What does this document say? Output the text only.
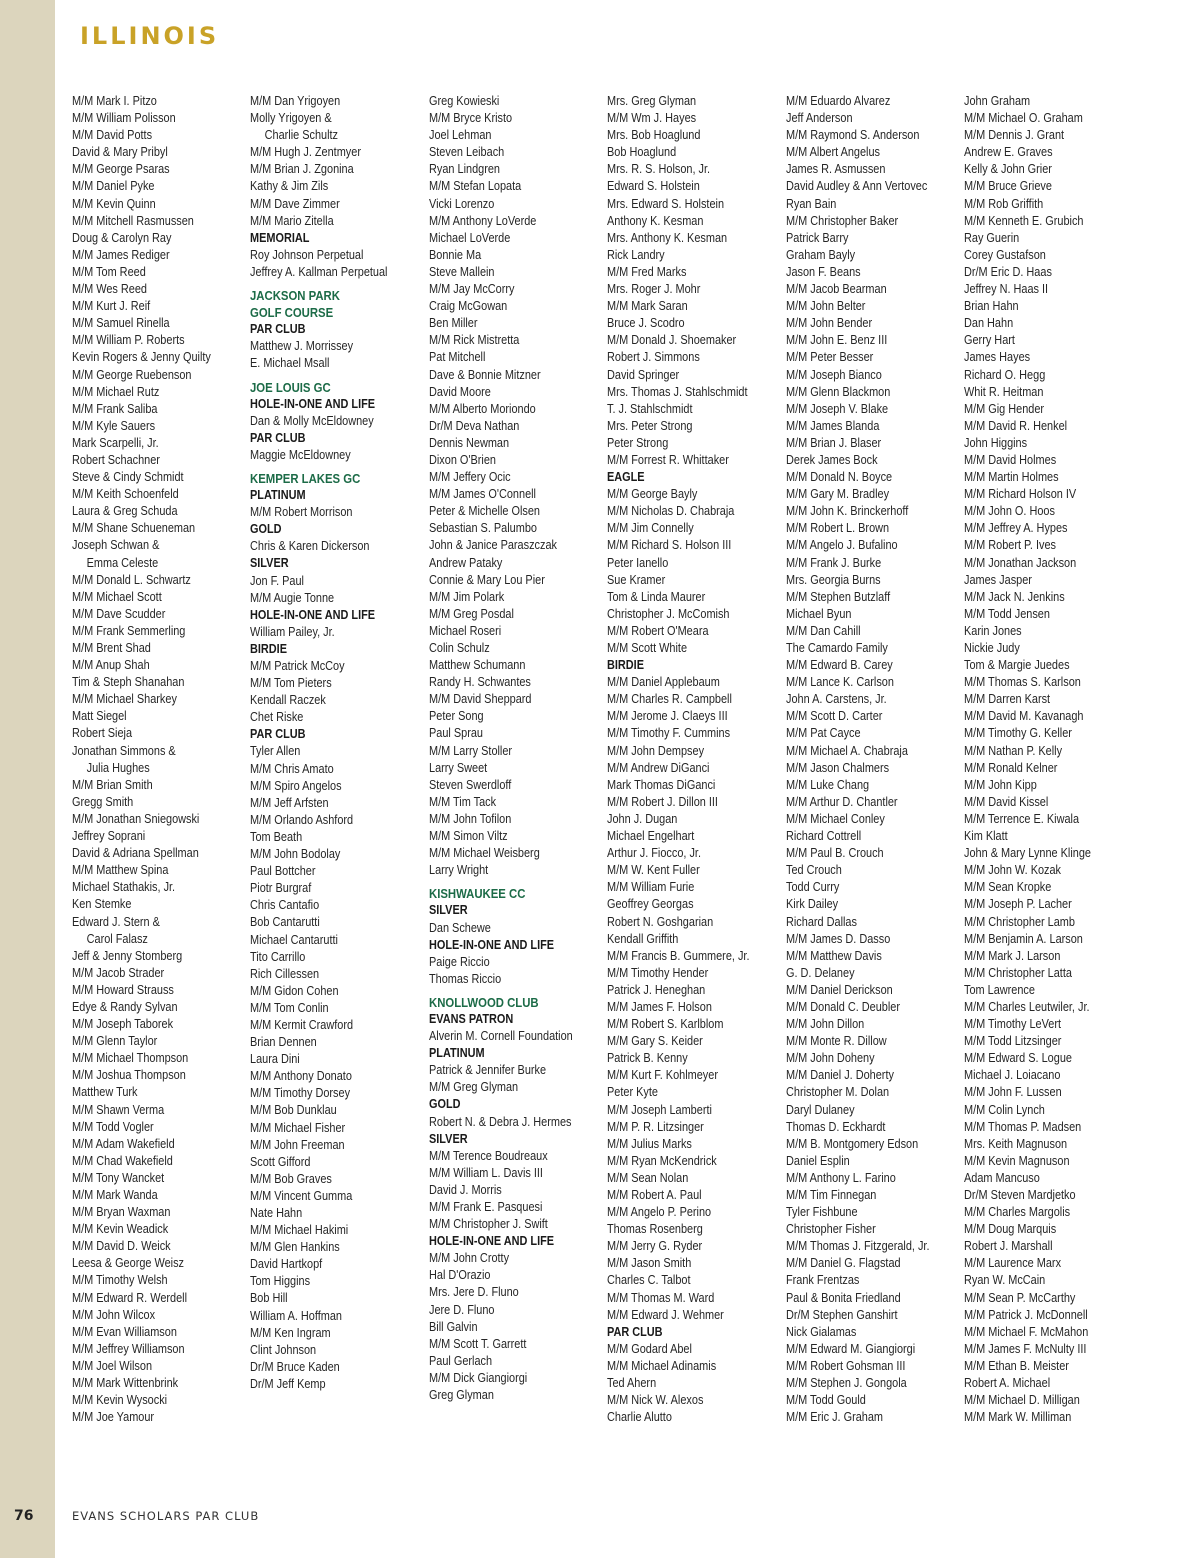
ILLINOIS
M/M Mark I. Pitzo
M/M William Polisson
M/M David Potts
David & Mary Pribyl
M/M George Psaras
M/M Daniel Pyke
M/M Kevin Quinn
M/M Mitchell Rasmussen
Doug & Carolyn Ray
M/M James Rediger
M/M Tom Reed
M/M Wes Reed
M/M Kurt J. Reif
M/M Samuel Rinella
M/M William P. Roberts
Kevin Rogers & Jenny Quilty
M/M George Ruebenson
M/M Michael Rutz
M/M Frank Saliba
M/M Kyle Sauers
Mark Scarpelli, Jr.
Robert Schachner
Steve & Cindy Schmidt
M/M Keith Schoenfeld
Laura & Greg Schuda
M/M Shane Schueneman
Joseph Schwan &
Emma Celeste
M/M Donald L. Schwartz
M/M Michael Scott
M/M Dave Scudder
M/M Frank Semmerling
M/M Brent Shad
M/M Anup Shah
Tim & Steph Shanahan
M/M Michael Sharkey
Matt Siegel
Robert Sieja
Jonathan Simmons &
Julia Hughes
M/M Brian Smith
Gregg Smith
M/M Jonathan Sniegowski
Jeffrey Soprani
David & Adriana Spellman
M/M Matthew Spina
Michael Stathakis, Jr.
Ken Stemke
Edward J. Stern &
Carol Falasz
Jeff & Jenny Stomberg
M/M Jacob Strader
M/M Howard Strauss
Edye & Randy Sylvan
M/M Joseph Taborek
M/M Glenn Taylor
M/M Michael Thompson
M/M Joshua Thompson
Matthew Turk
M/M Shawn Verma
M/M Todd Vogler
M/M Adam Wakefield
M/M Chad Wakefield
M/M Tony Wancket
M/M Mark Wanda
M/M Bryan Waxman
M/M Kevin Weadick
M/M David D. Weick
Leesa & George Weisz
M/M Timothy Welsh
M/M Edward R. Werdell
M/M John Wilcox
M/M Evan Williamson
M/M Jeffrey Williamson
M/M Joel Wilson
M/M Mark Wittenbrink
M/M Kevin Wysocki
M/M Joe Yamour
M/M Dan Yrigoyen
Molly Yrigoyen &
Charlie Schultz
M/M Hugh J. Zentmyer
M/M Brian J. Zgonina
Kathy & Jim Zils
M/M Dave Zimmer
M/M Mario Zitella
MEMORIAL
Roy Johnson Perpetual
Jeffrey A. Kallman Perpetual
JACKSON PARK
GOLF COURSE
PAR CLUB
Matthew J. Morrissey
E. Michael Msall
JOE LOUIS GC
HOLE-IN-ONE AND LIFE
Dan & Molly McEldowney
PAR CLUB
Maggie McEldowney
KEMPER LAKES GC
PLATINUM
M/M Robert Morrison
GOLD
Chris & Karen Dickerson
SILVER
Jon F. Paul
M/M Augie Tonne
HOLE-IN-ONE AND LIFE
William Pailey, Jr.
BIRDIE
M/M Patrick McCoy
M/M Tom Pieters
Kendall Raczek
Chet Riske
PAR CLUB
Tyler Allen
M/M Chris Amato
M/M Spiro Angelos
M/M Jeff Arfsten
M/M Orlando Ashford
Tom Beath
M/M John Bodolay
Paul Bottcher
Piotr Burgraf
Chris Cantafio
Bob Cantarutti
Michael Cantarutti
Tito Carrillo
Rich Cillessen
M/M Gidon Cohen
M/M Tom Conlin
M/M Kermit Crawford
Brian Dennen
Laura Dini
M/M Anthony Donato
M/M Timothy Dorsey
M/M Bob Dunklau
M/M Michael Fisher
M/M John Freeman
Scott Gifford
M/M Bob Graves
M/M Vincent Gumma
Nate Hahn
M/M Michael Hakimi
M/M Glen Hankins
David Hartkopf
Tom Higgins
Bob Hill
William A. Hoffman
M/M Ken Ingram
Clint Johnson
Dr/M Bruce Kaden
Dr/M Jeff Kemp
Greg Kowieski
M/M Bryce Kristo
Joel Lehman
Steven Leibach
Ryan Lindgren
M/M Stefan Lopata
Vicki Lorenzo
M/M Anthony LoVerde
Michael LoVerde
Bonnie Ma
Steve Mallein
M/M Jay McCorry
Craig McGowan
Ben Miller
M/M Rick Mistretta
Pat Mitchell
Dave & Bonnie Mitzner
David Moore
M/M Alberto Moriondo
Dr/M Deva Nathan
Dennis Newman
Dixon O'Brien
M/M Jeffery Ocic
M/M James O'Connell
Peter & Michelle Olsen
Sebastian S. Palumbo
John & Janice Paraszczak
Andrew Pataky
Connie & Mary Lou Pier
M/M Jim Polark
M/M Greg Posdal
Michael Roseri
Colin Schulz
Matthew Schumann
Randy H. Schwantes
M/M David Sheppard
Peter Song
Paul Sprau
M/M Larry Stoller
Larry Sweet
Steven Swerdloff
M/M Tim Tack
M/M John Tofilon
M/M Simon Viltz
M/M Michael Weisberg
Larry Wright
KISHWAUKEE CC
SILVER
Dan Schewe
HOLE-IN-ONE AND LIFE
Paige Riccio
Thomas Riccio
KNOLLWOOD CLUB
EVANS PATRON
Alverin M. Cornell Foundation
PLATINUM
Patrick & Jennifer Burke
M/M Greg Glyman
GOLD
Robert N. & Debra J. Hermes
SILVER
M/M Terence Boudreaux
M/M William L. Davis III
David J. Morris
M/M Frank E. Pasquesi
M/M Christopher J. Swift
HOLE-IN-ONE AND LIFE
M/M John Crotty
Hal D'Orazio
Mrs. Jere D. Fluno
Jere D. Fluno
Bill Galvin
M/M Scott T. Garrett
Paul Gerlach
M/M Dick Giangiorgi
Greg Glyman
Mrs. Greg Glyman
M/M Wm J. Hayes
Mrs. Bob Hoaglund
Bob Hoaglund
Mrs. R. S. Holson, Jr.
Edward S. Holstein
Mrs. Edward S. Holstein
Anthony K. Kesman
Mrs. Anthony K. Kesman
Rick Landry
M/M Fred Marks
Mrs. Roger J. Mohr
M/M Mark Saran
Bruce J. Scodro
M/M Donald J. Shoemaker
Robert J. Simmons
David Springer
Mrs. Thomas J. Stahlschmidt
T. J. Stahlschmidt
Mrs. Peter Strong
Peter Strong
M/M Forrest R. Whittaker
EAGLE
M/M George Bayly
M/M Nicholas D. Chabraja
M/M Jim Connelly
M/M Richard S. Holson III
Peter Ianello
Sue Kramer
Tom & Linda Maurer
Christopher J. McComish
M/M Robert O'Meara
M/M Scott White
BIRDIE
M/M Daniel Applebaum
M/M Charles R. Campbell
M/M Jerome J. Claeys III
M/M Timothy F. Cummins
M/M John Dempsey
M/M Andrew DiGanci
Mark Thomas DiGanci
M/M Robert J. Dillon III
John J. Dugan
Michael Engelhart
Arthur J. Fiocco, Jr.
M/M W. Kent Fuller
M/M William Furie
Geoffrey Georgas
Robert N. Goshgarian
Kendall Griffith
M/M Francis B. Gummere, Jr.
M/M Timothy Hender
Patrick J. Heneghan
M/M James F. Holson
M/M Robert S. Karlblom
M/M Gary S. Keider
Patrick B. Kenny
M/M Kurt F. Kohlmeyer
Peter Kyte
M/M Joseph Lamberti
M/M P. R. Litzsinger
M/M Julius Marks
M/M Ryan McKendrick
M/M Sean Nolan
M/M Robert A. Paul
M/M Angelo P. Perino
Thomas Rosenberg
M/M Jerry G. Ryder
M/M Jason Smith
Charles C. Talbot
M/M Thomas M. Ward
M/M Edward J. Wehmer
PAR CLUB
M/M Godard Abel
M/M Michael Adinamis
Ted Ahern
M/M Nick W. Alexos
Charlie Alutto
M/M Eduardo Alvarez
Jeff Anderson
M/M Raymond S. Anderson
M/M Albert Angelus
James R. Asmussen
David Audley & Ann Vertovec
Ryan Bain
M/M Christopher Baker
Patrick Barry
Graham Bayly
Jason F. Beans
M/M Jacob Bearman
M/M John Belter
M/M John Bender
M/M John E. Benz III
M/M Peter Besser
M/M Joseph Bianco
M/M Glenn Blackmon
M/M Joseph V. Blake
M/M James Blanda
M/M Brian J. Blaser
Derek James Bock
M/M Donald N. Boyce
M/M Gary M. Bradley
M/M John K. Brinckerhoff
M/M Robert L. Brown
M/M Angelo J. Bufalino
M/M Frank J. Burke
Mrs. Georgia Burns
M/M Stephen Butzlaff
Michael Byun
M/M Dan Cahill
The Camardo Family
M/M Edward B. Carey
M/M Lance K. Carlson
John A. Carstens, Jr.
M/M Scott D. Carter
M/M Pat Cayce
M/M Michael A. Chabraja
M/M Jason Chalmers
M/M Luke Chang
M/M Arthur D. Chantler
M/M Michael Conley
Richard Cottrell
M/M Paul B. Crouch
Ted Crouch
Todd Curry
Kirk Dailey
Richard Dallas
M/M James D. Dasso
M/M Matthew Davis
G. D. Delaney
M/M Daniel Derickson
M/M Donald C. Deubler
M/M John Dillon
M/M Monte R. Dillow
M/M John Doheny
M/M Daniel J. Doherty
Christopher M. Dolan
Daryl Dulaney
Thomas D. Eckhardt
M/M B. Montgomery Edson
Daniel Esplin
M/M Anthony L. Farino
M/M Tim Finnegan
Tyler Fishbune
Christopher Fisher
M/M Thomas J. Fitzgerald, Jr.
M/M Daniel G. Flagstad
Frank Frentzas
Paul & Bonita Friedland
Dr/M Stephen Ganshirt
Nick Gialamas
M/M Edward M. Giangiorgi
M/M Robert Gohsman III
M/M Stephen J. Gongola
M/M Todd Gould
M/M Eric J. Graham
John Graham
M/M Michael O. Graham
M/M Dennis J. Grant
Andrew E. Graves
Kelly & John Grier
M/M Bruce Grieve
M/M Rob Griffith
M/M Kenneth E. Grubich
Ray Guerin
Corey Gustafson
Dr/M Eric D. Haas
Jeffrey N. Haas II
Brian Hahn
Dan Hahn
Gerry Hart
James Hayes
Richard O. Hegg
Whit R. Heitman
M/M Gig Hender
M/M David R. Henkel
John Higgins
M/M David Holmes
M/M Martin Holmes
M/M Richard Holson IV
M/M John O. Hoos
M/M Jeffrey A. Hypes
M/M Robert P. Ives
M/M Jonathan Jackson
James Jasper
M/M Jack N. Jenkins
M/M Todd Jensen
Karin Jones
Nickie Judy
Tom & Margie Juedes
M/M Thomas S. Karlson
M/M Darren Karst
M/M David M. Kavanagh
M/M Timothy G. Keller
M/M Nathan P. Kelly
M/M Ronald Kelner
M/M John Kipp
M/M David Kissel
M/M Terrence E. Kiwala
Kim Klatt
John & Mary Lynne Klinge
M/M John W. Kozak
M/M Sean Kropke
M/M Joseph P. Lacher
M/M Christopher Lamb
M/M Benjamin A. Larson
M/M Mark J. Larson
M/M Christopher Latta
Tom Lawrence
M/M Charles Leutwiler, Jr.
M/M Timothy LeVert
M/M Todd Litzsinger
M/M Edward S. Logue
Michael J. Loiacano
M/M John F. Lussen
M/M Colin Lynch
M/M Thomas P. Madsen
Mrs. Keith Magnuson
M/M Kevin Magnuson
Adam Mancuso
Dr/M Steven Mardjetko
M/M Charles Margolis
M/M Doug Marquis
Robert J. Marshall
M/M Laurence Marx
Ryan W. McCain
M/M Sean P. McCarthy
M/M Patrick J. McDonnell
M/M Michael F. McMahon
M/M James F. McNulty III
M/M Ethan B. Meister
Robert A. Michael
M/M Michael D. Milligan
M/M Mark W. Milliman
76	EVANS SCHOLARS PAR CLUB
